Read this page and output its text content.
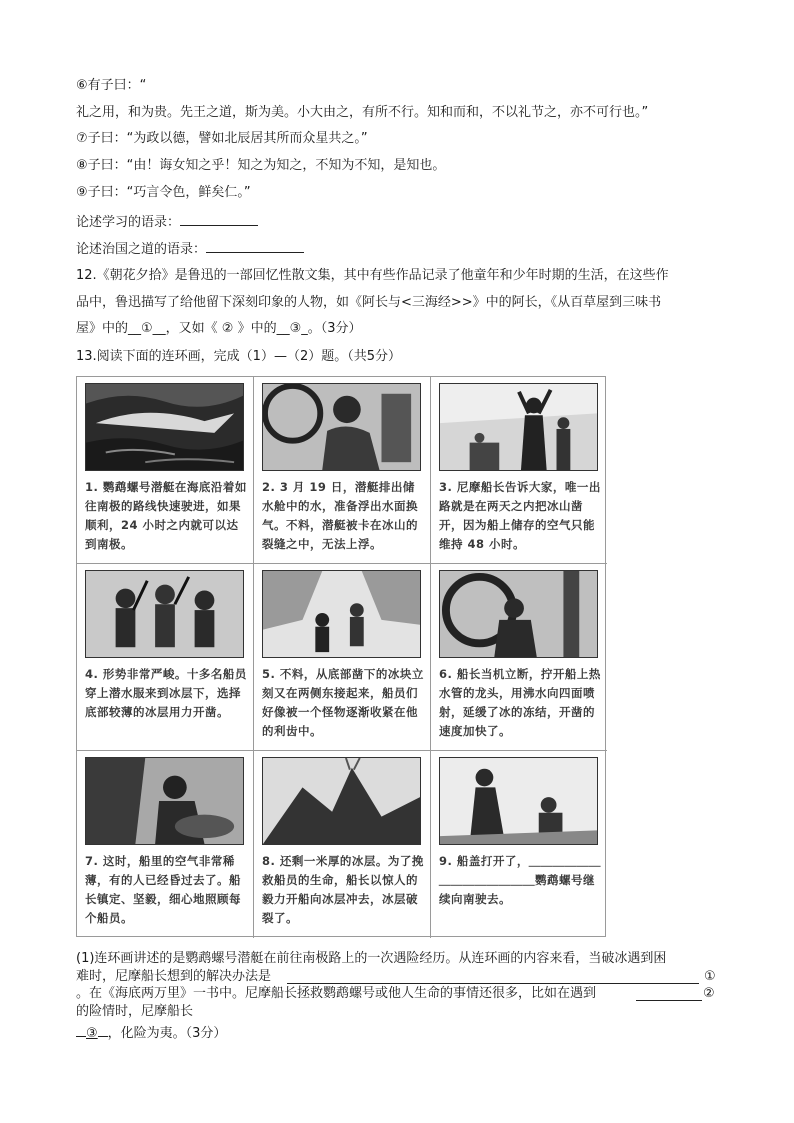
⑥有子曰：“
礼之用，和为贵。先王之道，斯为美。小大由之，有所不行。知和而和，不以礼节之，亦不可行也。”
⑦子曰：“为政以德，譬如北辰居其所而众星共之。”
⑧子曰：“由！诲女知之乎！知之为知之，不知为不知，是知也。
⑨子曰：“巧言令色，鲜矣仁。”
论述学习的语录：
论述治国之道的语录：
12.《朝花夕拾》是鲁迅的一部回忆性散文集，其中有些作品记录了他童年和少年时期的生活，在这些作
品中，鲁迅描写了给他留下深刻印象的人物，如《阿长与<三海经>>》中的阿长，《从百草屋到三味书
屋》中的__①__，又如《 ② 》中的__③_。（3分）
13.阅读下面的连环画，完成（1）—（2）题。（共5分）
1. 鹦鹉螺号潜艇在海底沿着如往南极的路线快速驶进，如果顺利，24 小时之内就可以达到南极。
2. 3 月 19 日，潜艇排出储水舱中的水，准备浮出水面换气。不料，潜艇被卡在冰山的裂缝之中，无法上浮。
3. 尼摩船长告诉大家，唯一出路就是在两天之内把冰山凿开，因为船上储存的空气只能维持 48 小时。
4. 形势非常严峻。十多名船员穿上潜水服来到冰层下，选择底部较薄的冰层用力开凿。
5. 不料，从底部凿下的冰块立刻又在两侧东接起来，船员们好像被一个怪物逐渐收紧在他的利齿中。
6. 船长当机立断，拧开船上热水管的龙头，用沸水向四面喷射，延缓了冰的冻结，开凿的速度加快了。
7. 这时，船里的空气非常稀薄，有的人已经昏过去了。船长镇定、坚毅，细心地照顾每个船员。
8. 还剩一米厚的冰层。为了挽救船员的生命，船长以惊人的毅力开船向冰层冲去，冰层破裂了。
9. 船盖打开了，＿＿＿＿＿＿＿＿＿＿＿＿＿＿鹦鹉螺号继续向南驶去。
(1)连环画讲述的是鹦鹉螺号潜艇在前往南极路上的一次遇险经历。从连环画的内容来看，当破冰遇到困
难时，尼摩船长想到的解决办法是	①
。在《海底两万里》一书中。尼摩船长拯救鹦鹉螺号或他人生命的事情还很多，比如在遇到	②
的险情时，尼摩船长
③ ，化险为夷。（3分）
